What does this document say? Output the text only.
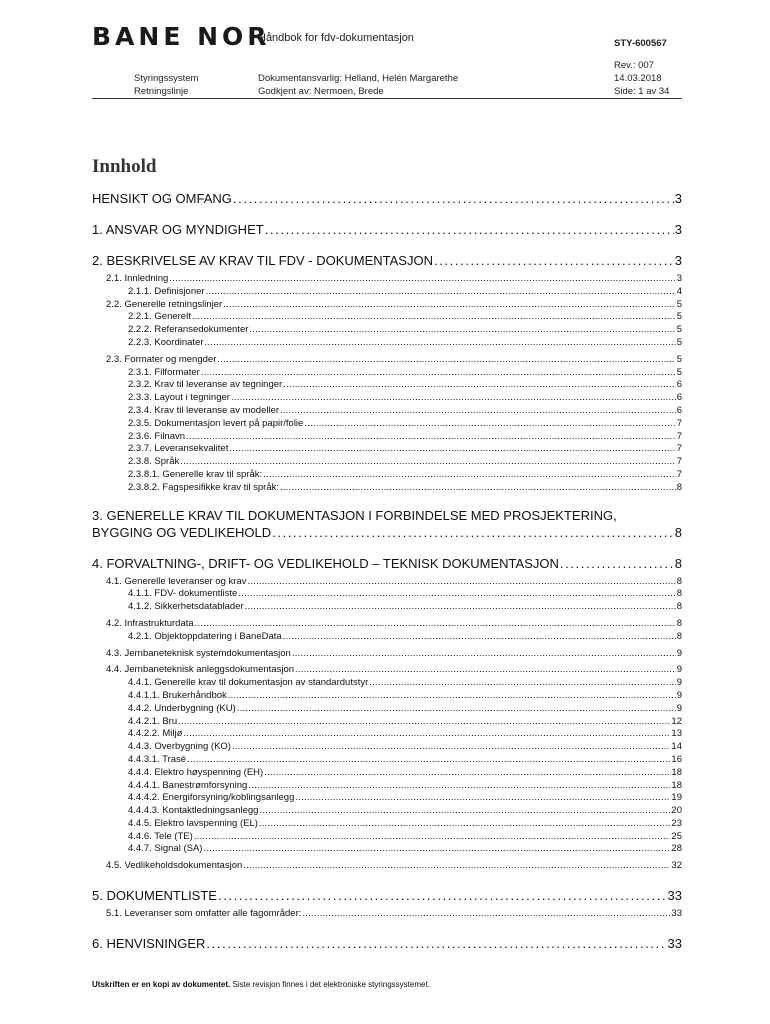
BANE NOR
Håndbok for fdv-dokumentasjon	STY-600567
Rev.: 007
Styringssystem	Dokumentansvarlig: Helland, Helén Margarethe	14.03.2018
Retningslinje	Godkjent av: Nermoen, Brede	Side: 1 av 34
Innhold
HENSIKT OG OMFANG . . .	3
1. ANSVAR OG MYNDIGHET . . .	3
2. BESKRIVELSE AV KRAV TIL FDV - DOKUMENTASJON . . .	3
2.1. Innledning . . .	3
2.1.1. Definisjoner . . .	4
2.2. Generelle retningslinjer . . .	5
2.2.1. Generelt . . .	5
2.2.2. Referansedokumenter . . .	5
2.2.3. Koordinater . . .	5
2.3. Formater og mengder . . .	5
2.3.1. Filformater . . .	5
2.3.2. Krav til leveranse av tegninger . . .	6
2.3.3. Layout i tegninger . . .	6
2.3.4. Krav til leveranse av modeller . . .	6
2.3.5. Dokumentasjon levert på papir/folie . . .	7
2.3.6. Filnavn . . .	7
2.3.7. Leveransekvalitet . . .	7
2.3.8. Språk . . .	7
2.3.8.1. Generelle krav til språk: . . .	7
2.3.8.2. Fagspesifikke krav til språk: . . .	8
3. GENERELLE KRAV TIL DOKUMENTASJON I FORBINDELSE MED PROSJEKTERING,
BYGGING OG VEDLIKEHOLD . . .	8
4. FORVALTNING-, DRIFT- OG VEDLIKEHOLD – TEKNISK DOKUMENTASJON . . .	8
4.1. Generelle leveranser og krav . . .	8
4.1.1. FDV- dokumentliste . . .	8
4.1.2. Sikkerhetsdatablader . . .	8
4.2. Infrastrukturdata . . .	8
4.2.1. Objektoppdatering i BaneData . . .	8
4.3. Jernbaneteknisk systemdokumentasjon . . .	9
4.4. Jernbaneteknisk anleggsdokumentasjon . . .	9
4.4.1. Generelle krav til dokumentasjon av standardutstyr . . .	9
4.4.1.1. Brukerhåndbok . . .	9
4.4.2. Underbygning (KU) . . .	9
4.4.2.1. Bru . . .	12
4.4.2.2. Miljø . . .	13
4.4.3. Overbygning (KO) . . .	14
4.4.3.1. Trasé . . .	16
4.4.4. Elektro høyspenning (EH) . . .	18
4.4.4.1. Banestrømforsyning . . .	18
4.4.4.2. Energiforsyning/koblingsanlegg . . .	19
4.4.4.3. Kontaktledningsanlegg . . .	20
4.4.5. Elektro lavspenning (EL) . . .	23
4.4.6. Tele (TE) . . .	25
4.4.7. Signal (SA) . . .	28
4.5. Vedlikeholdsdokumentasjon . . .	32
5. DOKUMENTLISTE . . .	33
5.1. Leveranser som omfatter alle fagområder: . . .	33
6. HENVISNINGER . . .	33
Utskriften er en kopi av dokumentet. Siste revisjon finnes i det elektroniske styringssystemet.
